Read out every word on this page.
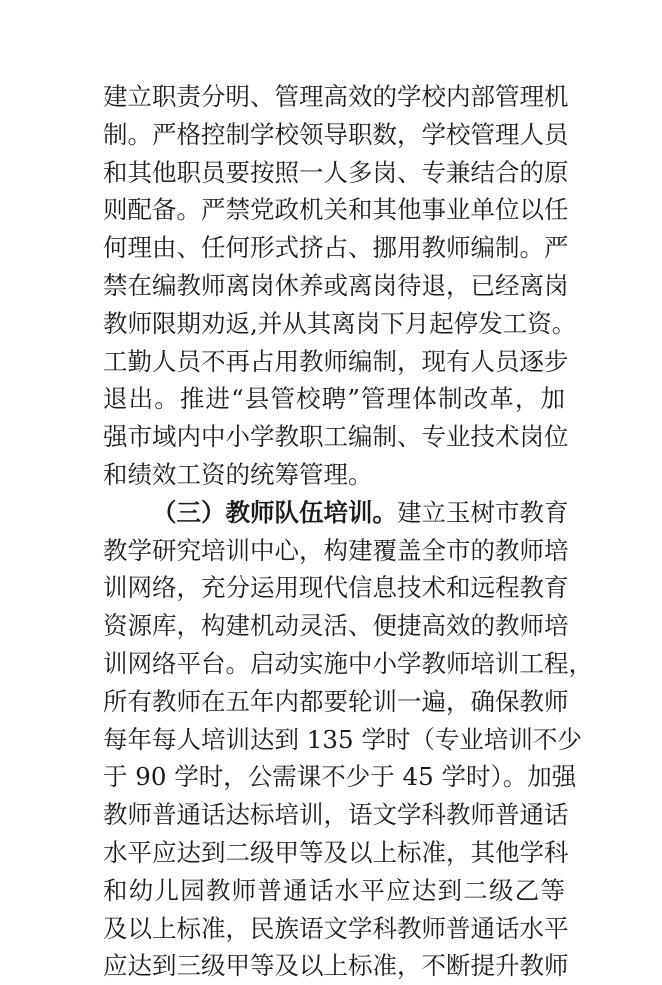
建立职责分明、管理高效的学校内部管理机
制。严格控制学校领导职数，学校管理人员
和其他职员要按照一人多岗、专兼结合的原
则配备。严禁党政机关和其他事业单位以任
何理由、任何形式挤占、挪用教师编制。严
禁在编教师离岗休养或离岗待退，已经离岗
教师限期劝返,并从其离岗下月起停发工资。
工勤人员不再占用教师编制，现有人员逐步
退出。推进“县管校聘”管理体制改革，加
强市域内中小学教职工编制、专业技术岗位
和绩效工资的统筹管理。
（三）教师队伍培训。建立玉树市教育
教学研究培训中心，构建覆盖全市的教师培
训网络，充分运用现代信息技术和远程教育
资源库，构建机动灵活、便捷高效的教师培
训网络平台。启动实施中小学教师培训工程，
所有教师在五年内都要轮训一遍，确保教师
每年每人培训达到 135 学时（专业培训不少
于 90 学时，公需课不少于 45 学时）。加强
教师普通话达标培训，语文学科教师普通话
水平应达到二级甲等及以上标准，其他学科
和幼儿园教师普通话水平应达到二级乙等
及以上标准，民族语文学科教师普通话水平
应达到三级甲等及以上标准，不断提升教师
